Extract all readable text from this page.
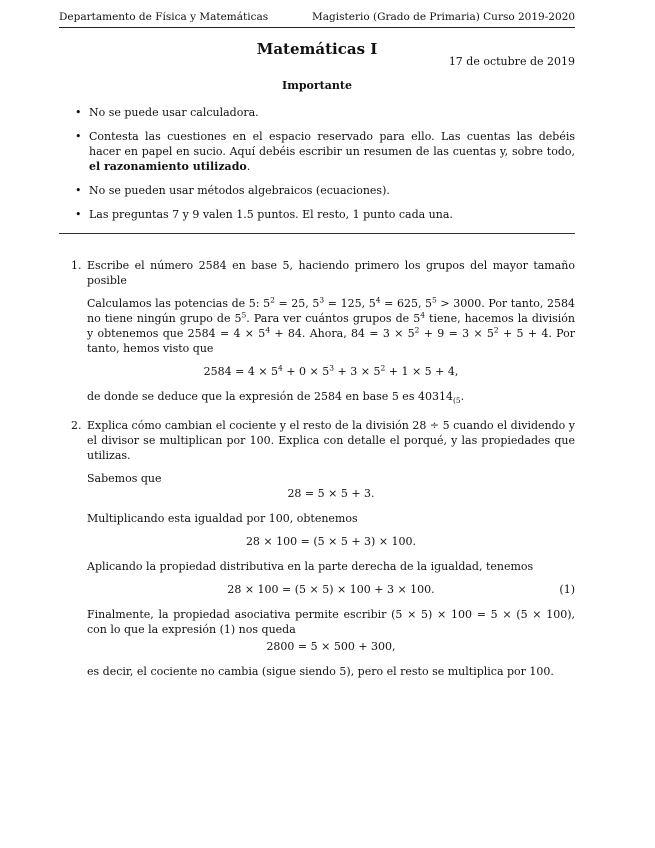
Departamento de Física y Matemáticas	Magisterio (Grado de Primaria) Curso 2019-2020
Matemáticas I
17 de octubre de 2019
Importante
• No se puede usar calculadora.
• Contesta las cuestiones en el espacio reservado para ello. Las cuentas las debéis hacer en papel en sucio. Aquí debéis escribir un resumen de las cuentas y, sobre todo, el razonamiento utilizado.
• No se pueden usar métodos algebraicos (ecuaciones).
• Las preguntas 7 y 9 valen 1.5 puntos. El resto, 1 punto cada una.
1. Escribe el número 2584 en base 5, haciendo primero los grupos del mayor tamaño posible

Calculamos las potencias de 5: $5^2 = 25$, $5^3 = 125$, $5^4 = 625$, $5^5 > 3000$. Por tanto, 2584 no tiene ningún grupo de $5^5$. Para ver cuántos grupos de $5^4$ tiene, hacemos la división y obtenemos que $2584 = 4 \times 5^4 + 84$. Ahora, $84 = 3 \times 5^2 + 9 = 3 \times 5^2 + 5 + 4$. Por tanto, hemos visto que

$2584 = 4 \times 5^4 + 0 \times 5^3 + 3 \times 5^2 + 1 \times 5 + 4$,

de donde se deduce que la expresión de 2584 en base 5 es $40314_{(5}$.

2. Explica cómo cambian el cociente y el resto de la división 28 ÷ 5 cuando el dividendo y el divisor se multiplican por 100. Explica con detalle el porqué, y las propiedades que utilizas.

Sabemos que

28 = 5 × 5 + 3.

Multiplicando esta igualdad por 100, obtenemos

28 × 100 = (5 × 5 + 3) × 100.

Aplicando la propiedad distributiva en la parte derecha de la igualdad, tenemos

28 × 100 = (5 × 5) × 100 + 3 × 100.	(1)

Finalmente, la propiedad asociativa permite escribir (5 × 5) × 100 = 5 × (5 × 100), con lo que la expresión (1) nos queda

2800 = 5 × 500 + 300,

es decir, el cociente no cambia (sigue siendo 5), pero el resto se multiplica por 100.
